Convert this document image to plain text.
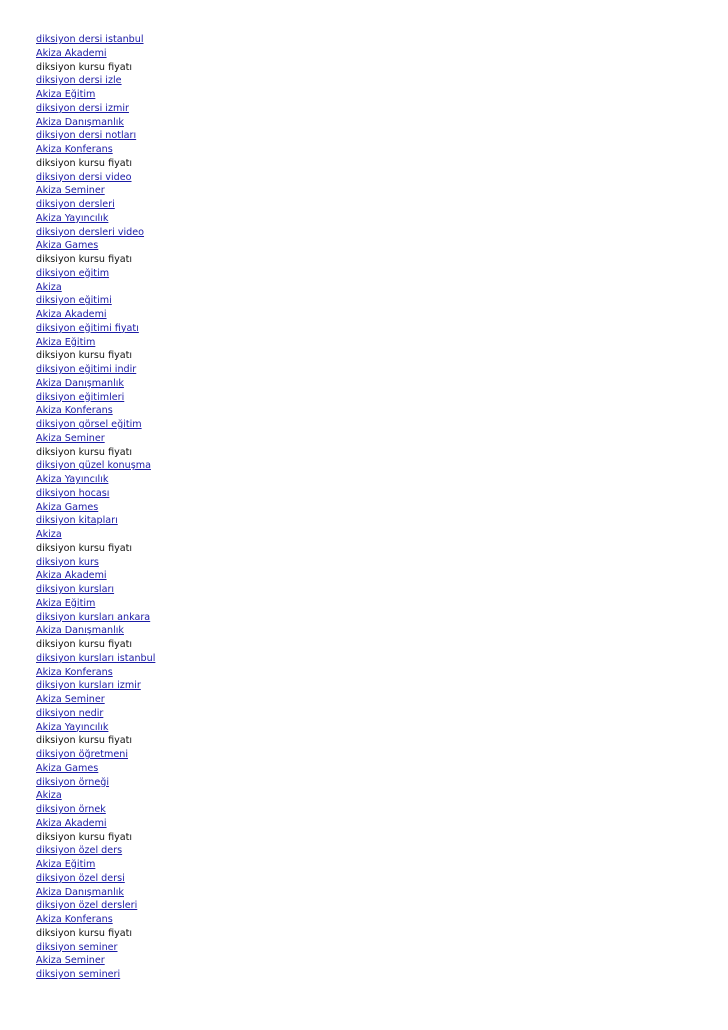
diksiyon dersi istanbul
Akiza Akademi
diksiyon kursu fiyatı
diksiyon dersi izle
Akiza Eğitim
diksiyon dersi izmir
Akiza Danışmanlık
diksiyon dersi notları
Akiza Konferans
diksiyon kursu fiyatı
diksiyon dersi video
Akiza Seminer
diksiyon dersleri
Akiza Yayıncılık
diksiyon dersleri video
Akiza Games
diksiyon kursu fiyatı
diksiyon eğitim
Akiza
diksiyon eğitimi
Akiza Akademi
diksiyon eğitimi fiyatı
Akiza Eğitim
diksiyon kursu fiyatı
diksiyon eğitimi indir
Akiza Danışmanlık
diksiyon eğitimleri
Akiza Konferans
diksiyon görsel eğitim
Akiza Seminer
diksiyon kursu fiyatı
diksiyon güzel konuşma
Akiza Yayıncılık
diksiyon hocası
Akiza Games
diksiyon kitapları
Akiza
diksiyon kursu fiyatı
diksiyon kurs
Akiza Akademi
diksiyon kursları
Akiza Eğitim
diksiyon kursları ankara
Akiza Danışmanlık
diksiyon kursu fiyatı
diksiyon kursları istanbul
Akiza Konferans
diksiyon kursları izmir
Akiza Seminer
diksiyon nedir
Akiza Yayıncılık
diksiyon kursu fiyatı
diksiyon öğretmeni
Akiza Games
diksiyon örneği
Akiza
diksiyon örnek
Akiza Akademi
diksiyon kursu fiyatı
diksiyon özel ders
Akiza Eğitim
diksiyon özel dersi
Akiza Danışmanlık
diksiyon özel dersleri
Akiza Konferans
diksiyon kursu fiyatı
diksiyon seminer
Akiza Seminer
diksiyon semineri
